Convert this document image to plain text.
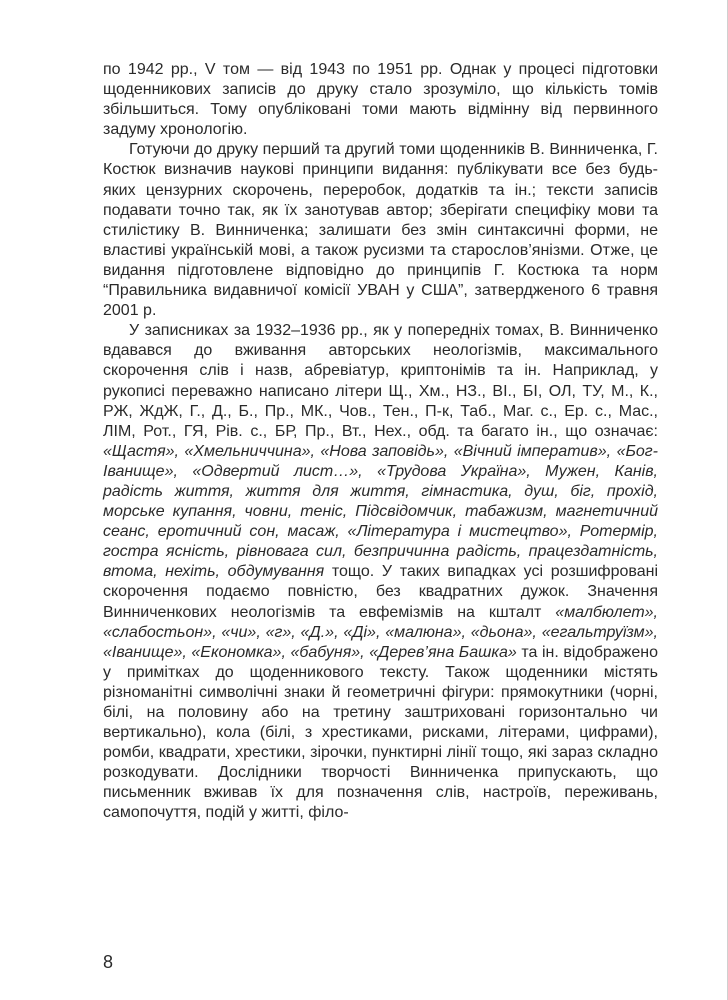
по 1942 рр., V том — від 1943 по 1951 рр. Однак у процесі підготовки щоденникових записів до друку стало зрозуміло, що кількість томів збільшиться. Тому опубліковані томи мають відмінну від первинного задуму хронологію.

Готуючи до друку перший та другий томи щоденників В. Винниченка, Г. Костюк визначив наукові принципи видання: публікувати все без будь-яких цензурних скорочень, переробок, додатків та ін.; тексти записів подавати точно так, як їх занотував автор; зберігати специфіку мови та стилістику В. Винниченка; залишати без змін синтаксичні форми, не властиві українській мові, а також русизми та старослов’янізми. Отже, це видання підготовлене відповідно до принципів Г. Костюка та норм “Правильника видавничої комісії УВАН у США”, затвердженого 6 травня 2001 р.

У записниках за 1932–1936 рр., як у попередніх томах, В. Винниченко вдавався до вживання авторських неологізмів, максимального скорочення слів і назв, абревіатур, криптонімів та ін. Наприклад, у рукописі переважно написано літери Щ., Хм., НЗ., ВІ., БІ, ОЛ, ТУ, М., К., РЖ, ЖдЖ, Г., Д., Б., Пр., МК., Чов., Тен., П-к, Таб., Маг. с., Ер. с., Мас., ЛІМ, Рот., ГЯ, Рів. с., БР, Пр., Вт., Нех., обд. та багато ін., що означає: «Щастя», «Хмельниччина», «Нова заповідь», «Вічний імператив», «Бог-Іванище», «Одвертий лист…», «Трудова Україна», Мужен, Канів, радість життя, життя для життя, гімнастика, душ, біг, прохід, морське купання, човни, теніс, Підсвідомчик, табажизм, магнетичний сеанс, еротичний сон, масаж, «Література і мистецтво», Ротермір, гостра ясність, рівновага сил, безпричинна радість, працездатність, втома, нехіть, обдумування тощо. У таких випадках усі розшифровані скорочення подаємо повністю, без квадратних дужок. Значення Винниченкових неологізмів та евфемізмів на кшталт «малбюлет», «слабостьон», «чи», «г», «Д.», «Ді», «малюна», «дьона», «егальтруїзм», «Іванище», «Економка», «бабуня», «Дерев’яна Башка» та ін. відображено у примітках до щоденникового тексту. Також щоденники містять різноманітні символічні знаки й геометричні фігури: прямокутники (чорні, білі, на половину або на третину заштриховані горизонтально чи вертикально), кола (білі, з хрестиками, рисками, літерами, цифрами), ромби, квадрати, хрестики, зірочки, пунктирні лінії тощо, які зараз складно розкодувати. Дослідники творчості Винниченка припускають, що письменник вживав їх для позначення слів, настроїв, переживань, самопочуття, подій у житті, філо-

8
